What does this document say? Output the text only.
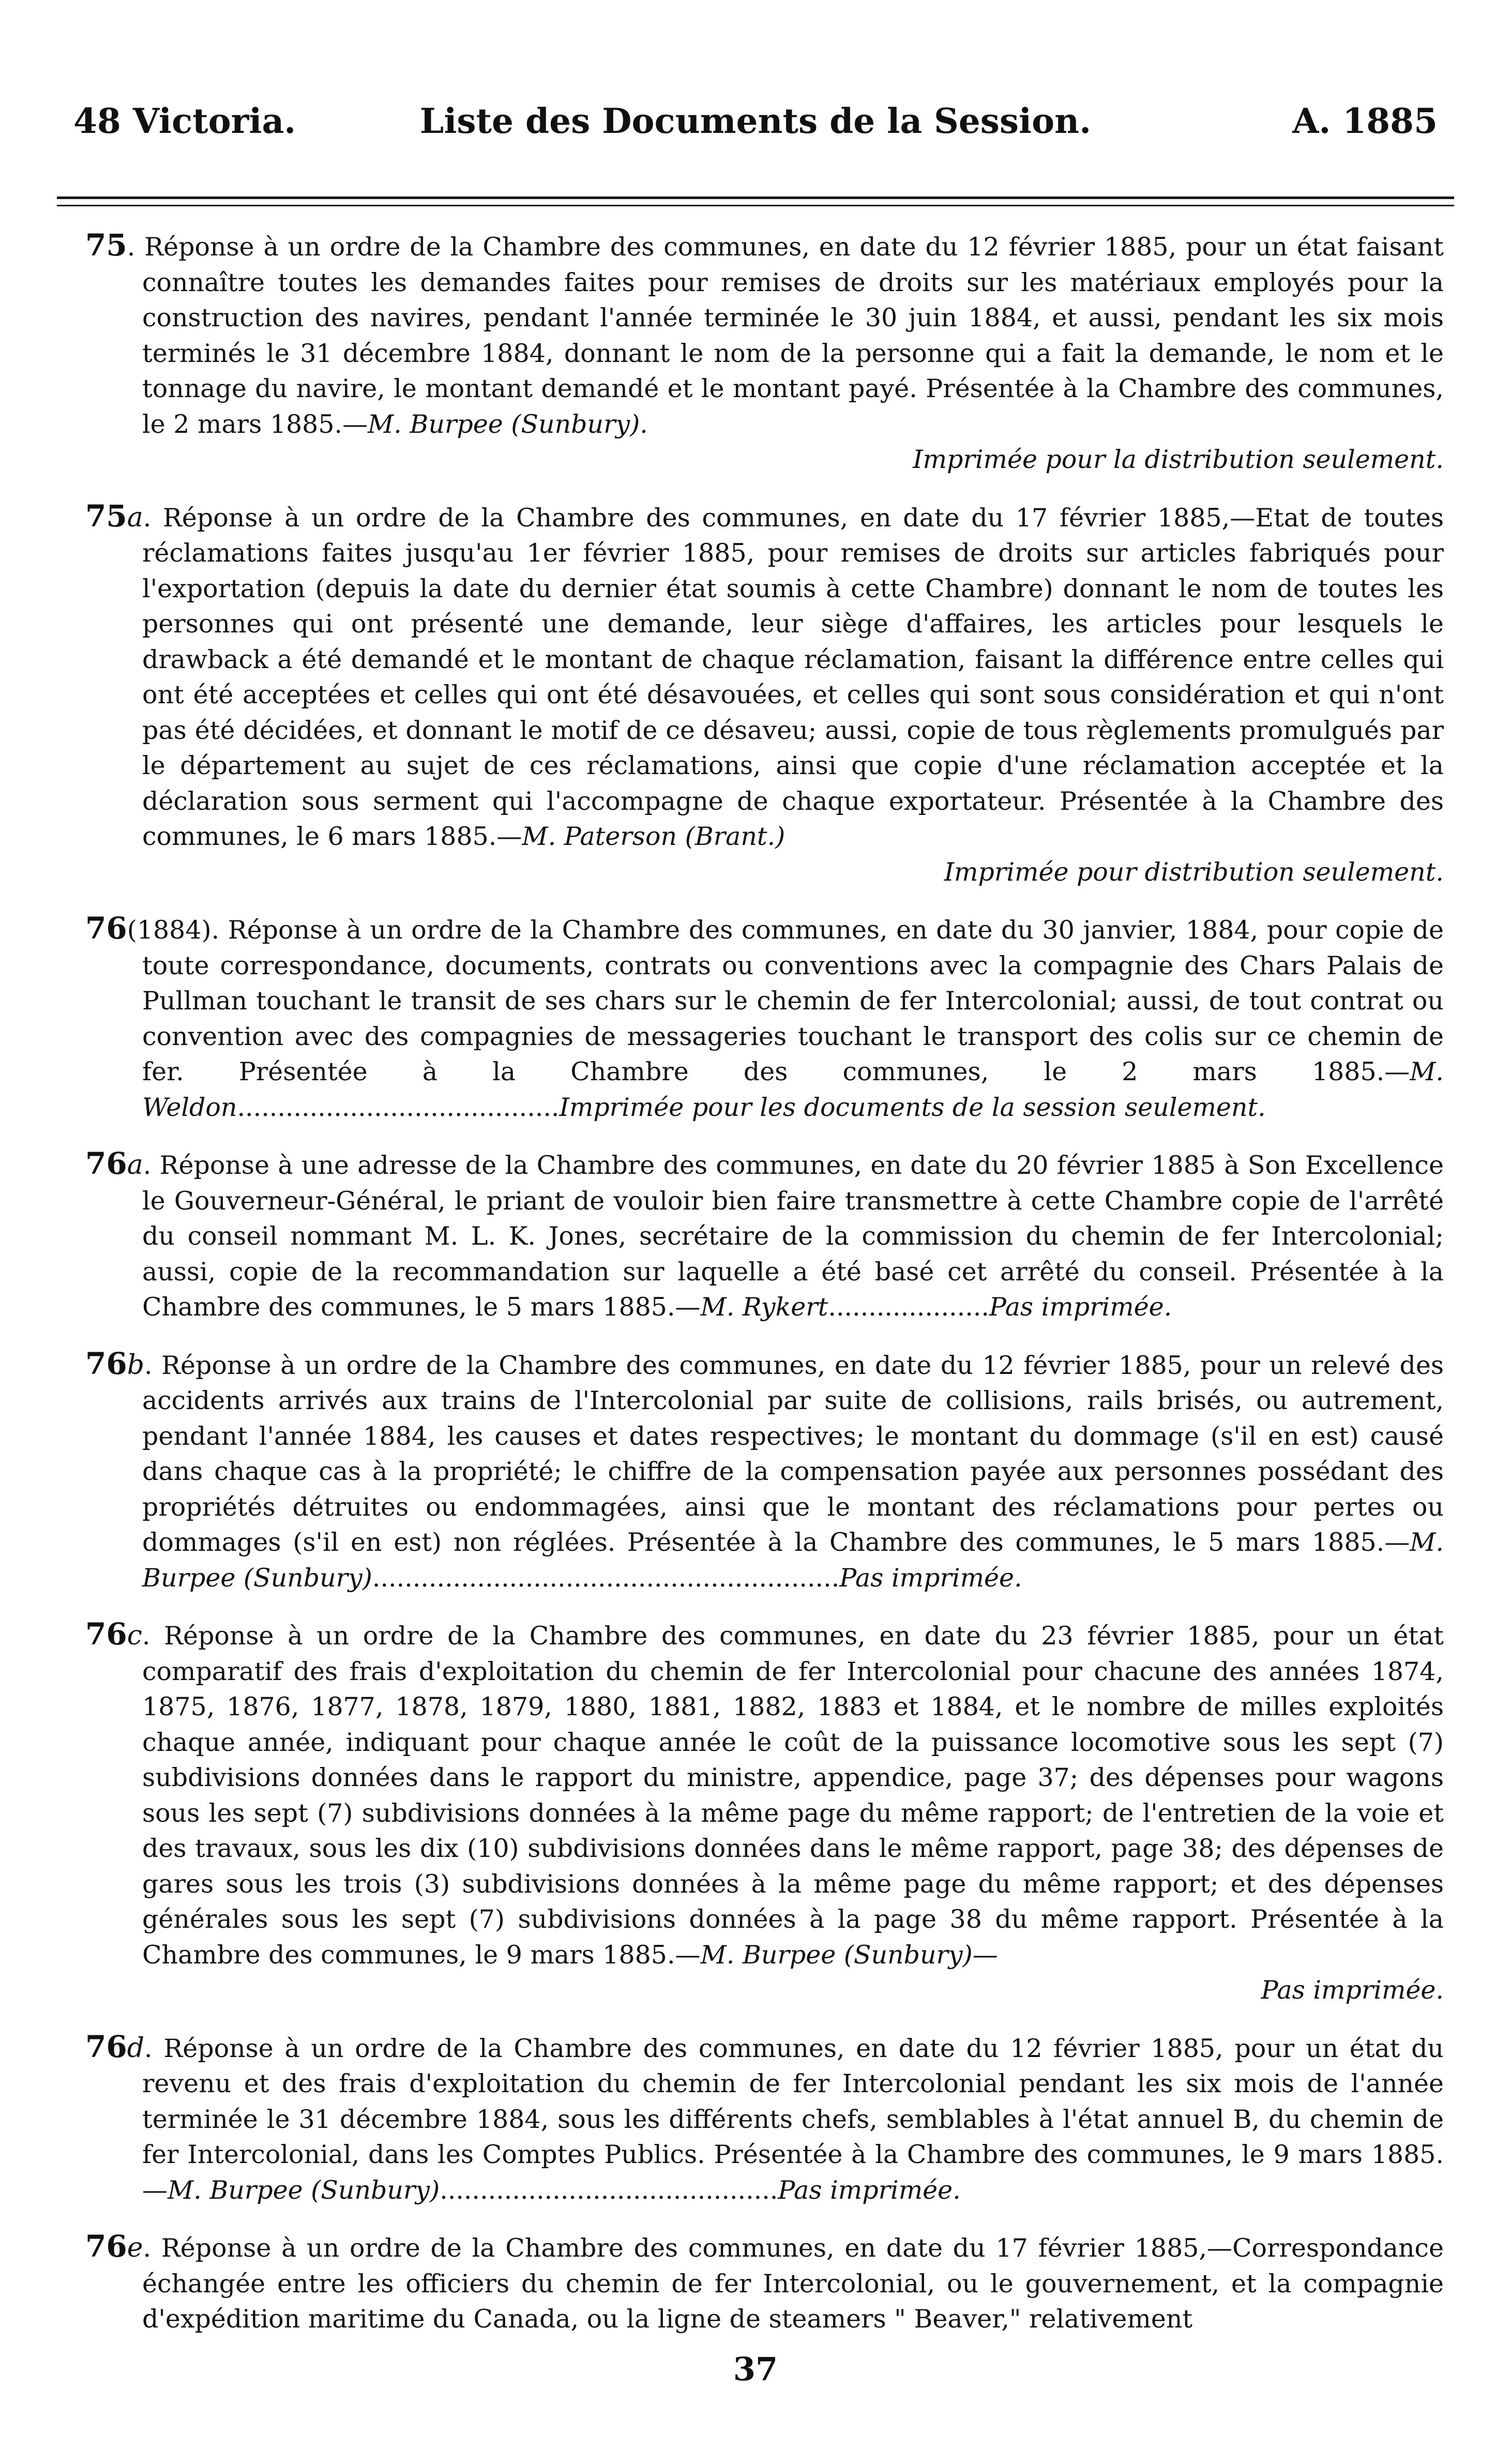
48 Victoria.	Liste des Documents de la Session.	A. 1885
75. Réponse à un ordre de la Chambre des communes, en date du 12 février 1885, pour un état faisant connaître toutes les demandes faites pour remises de droits sur les matériaux employés pour la construction des navires, pendant l'année terminée le 30 juin 1884, et aussi, pendant les six mois terminés le 31 décembre 1884, donnant le nom de la personne qui a fait la demande, le nom et le tonnage du navire, le montant demandé et le montant payé. Présentée à la Chambre des communes, le 2 mars 1885.—M. Burpee (Sunbury).
Imprimée pour la distribution seulement.
75a. Réponse à un ordre de la Chambre des communes, en date du 17 février 1885,—Etat de toutes réclamations faites jusqu'au 1er février 1885, pour remises de droits sur articles fabriqués pour l'exportation (depuis la date du dernier état soumis à cette Chambre) donnant le nom de toutes les personnes qui ont présenté une demande, leur siège d'affaires, les articles pour lesquels le drawback a été demandé et le montant de chaque réclamation, faisant la différence entre celles qui ont été acceptées et celles qui ont été désavouées, et celles qui sont sous considération et qui n'ont pas été décidées, et donnant le motif de ce désaveu; aussi, copie de tous règlements promulgués par le département au sujet de ces réclamations, ainsi que copie d'une réclamation acceptée et la déclaration sous serment qui l'accompagne de chaque exportateur. Présentée à la Chambre des communes, le 6 mars 1885.—M. Paterson (Brant.)
Imprimée pour distribution seulement.
76(1884). Réponse à un ordre de la Chambre des communes, en date du 30 janvier, 1884, pour copie de toute correspondance, documents, contrats ou conventions avec la compagnie des Chars Palais de Pullman touchant le transit de ses chars sur le chemin de fer Intercolonial; aussi, de tout contrat ou convention avec des compagnies de messageries touchant le transport des colis sur ce chemin de fer. Présentée à la Chambre des communes, le 2 mars 1885.—M. Weldon........................................Imprimée pour les documents de la session seulement.
76a. Réponse à une adresse de la Chambre des communes, en date du 20 février 1885 à Son Excellence le Gouverneur-Général, le priant de vouloir bien faire transmettre à cette Chambre copie de l'arrêté du conseil nommant M. L. K. Jones, secrétaire de la commission du chemin de fer Intercolonial; aussi, copie de la recommandation sur laquelle a été basé cet arrêté du conseil. Présentée à la Chambre des communes, le 5 mars 1885.—M. Rykert....................Pas imprimée.
76b. Réponse à un ordre de la Chambre des communes, en date du 12 février 1885, pour un relevé des accidents arrivés aux trains de l'Intercolonial par suite de collisions, rails brisés, ou autrement, pendant l'année 1884, les causes et dates respectives; le montant du dommage (s'il en est) causé dans chaque cas à la propriété; le chiffre de la compensation payée aux personnes possédant des propriétés détruites ou endommagées, ainsi que le montant des réclamations pour pertes ou dommages (s'il en est) non réglées. Présentée à la Chambre des communes, le 5 mars 1885.—M. Burpee (Sunbury)..........................................................Pas imprimée.
76c. Réponse à un ordre de la Chambre des communes, en date du 23 février 1885, pour un état comparatif des frais d'exploitation du chemin de fer Intercolonial pour chacune des années 1874, 1875, 1876, 1877, 1878, 1879, 1880, 1881, 1882, 1883 et 1884, et le nombre de milles exploités chaque année, indiquant pour chaque année le coût de la puissance locomotive sous les sept (7) subdivisions données dans le rapport du ministre, appendice, page 37; des dépenses pour wagons sous les sept (7) subdivisions données à la même page du même rapport; de l'entretien de la voie et des travaux, sous les dix (10) subdivisions données dans le même rapport, page 38; des dépenses de gares sous les trois (3) subdivisions données à la même page du même rapport; et des dépenses générales sous les sept (7) subdivisions données à la page 38 du même rapport. Présentée à la Chambre des communes, le 9 mars 1885.—M. Burpee (Sunbury)—
Pas imprimée.
76d. Réponse à un ordre de la Chambre des communes, en date du 12 février 1885, pour un état du revenu et des frais d'exploitation du chemin de fer Intercolonial pendant les six mois de l'année terminée le 31 décembre 1884, sous les différents chefs, semblables à l'état annuel B, du chemin de fer Intercolonial, dans les Comptes Publics. Présentée à la Chambre des communes, le 9 mars 1885.—M. Burpee (Sunbury)..........................................Pas imprimée.
76e. Réponse à un ordre de la Chambre des communes, en date du 17 février 1885,—Correspondance échangée entre les officiers du chemin de fer Intercolonial, ou le gouvernement, et la compagnie d'expédition maritime du Canada, ou la ligne de steamers " Beaver," relativement
37
